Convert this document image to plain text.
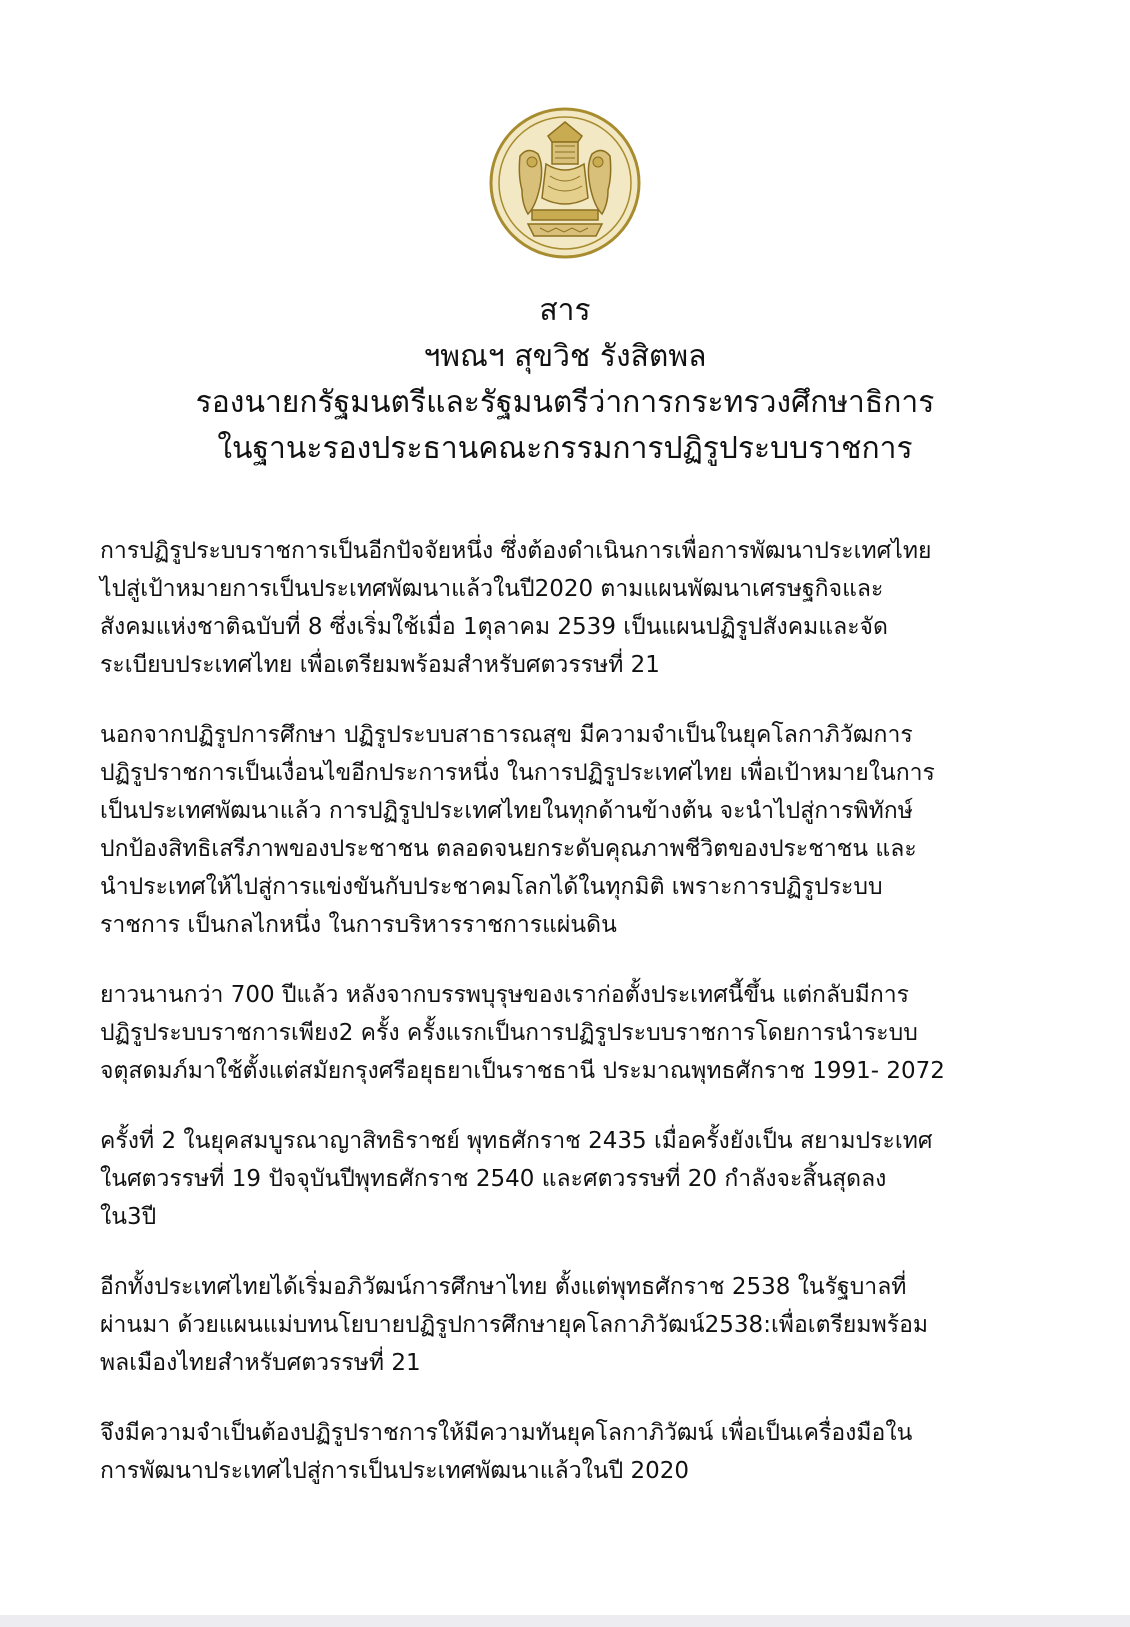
สาร
ฯพณฯ สุขวิช รังสิตพล
รองนายกรัฐมนตรีและรัฐมนตรีว่าการกระทรวงศึกษาธิการ
ในฐานะรองประธานคณะกรรมการปฏิรูประบบราชการ
การปฏิรูประบบราชการเป็นอีกปัจจัยหนึ่ง ซึ่งต้องดำเนินการเพื่อการพัฒนาประเทศไทย
ไปสู่เป้าหมายการเป็นประเทศพัฒนาแล้วในปี2020 ตามแผนพัฒนาเศรษฐกิจและ
สังคมแห่งชาติฉบับที่ 8 ซึ่งเริ่มใช้เมื่อ 1ตุลาคม 2539 เป็นแผนปฏิรูปสังคมและจัด
ระเบียบประเทศไทย เพื่อเตรียมพร้อมสำหรับศตวรรษที่ 21
นอกจากปฏิรูปการศึกษา ปฏิรูประบบสาธารณสุข มีความจำเป็นในยุคโลกาภิวัฒการ
ปฏิรูปราชการเป็นเงื่อนไขอีกประการหนึ่ง ในการปฏิรูประเทศไทย เพื่อเป้าหมายในการ
เป็นประเทศพัฒนาแล้ว การปฏิรูปประเทศไทยในทุกด้านข้างต้น จะนำไปสู่การพิทักษ์
ปกป้องสิทธิเสรีภาพของประชาชน ตลอดจนยกระดับคุณภาพชีวิตของประชาชน และ
นำประเทศให้ไปสู่การแข่งขันกับประชาคมโลกได้ในทุกมิติ เพราะการปฏิรูประบบ
ราชการ เป็นกลไกหนึ่ง ในการบริหารราชการแผ่นดิน
ยาวนานกว่า 700 ปีแล้ว หลังจากบรรพบุรุษของเราก่อตั้งประเทศนี้ขึ้น แต่กลับมีการ
ปฏิรูประบบราชการเพียง2 ครั้ง ครั้งแรกเป็นการปฏิรูประบบราชการโดยการนำระบบ
จตุสดมภ์มาใช้ตั้งแต่สมัยกรุงศรีอยุธยาเป็นราชธานี ประมาณพุทธศักราช 1991- 2072
ครั้งที่ 2 ในยุคสมบูรณาญาสิทธิราชย์ พุทธศักราช 2435 เมื่อครั้งยังเป็น สยามประเทศ
ในศตวรรษที่ 19 ปัจจุบันปีพุทธศักราช 2540 และศตวรรษที่ 20 กำลังจะสิ้นสุดลง
ใน3ปี
อีกทั้งประเทศไทยได้เริ่มอภิวัฒน์การศึกษาไทย ตั้งแต่พุทธศักราช 2538 ในรัฐบาลที่
ผ่านมา ด้วยแผนแม่บทนโยบายปฏิรูปการศึกษายุคโลกาภิวัฒน์2538:เพื่อเตรียมพร้อม
พลเมืองไทยสำหรับศตวรรษที่ 21
จึงมีความจำเป็นต้องปฏิรูปราชการให้มีความทันยุคโลกาภิวัฒน์ เพื่อเป็นเครื่องมือใน
การพัฒนาประเทศไปสู่การเป็นประเทศพัฒนาแล้วในปี 2020
